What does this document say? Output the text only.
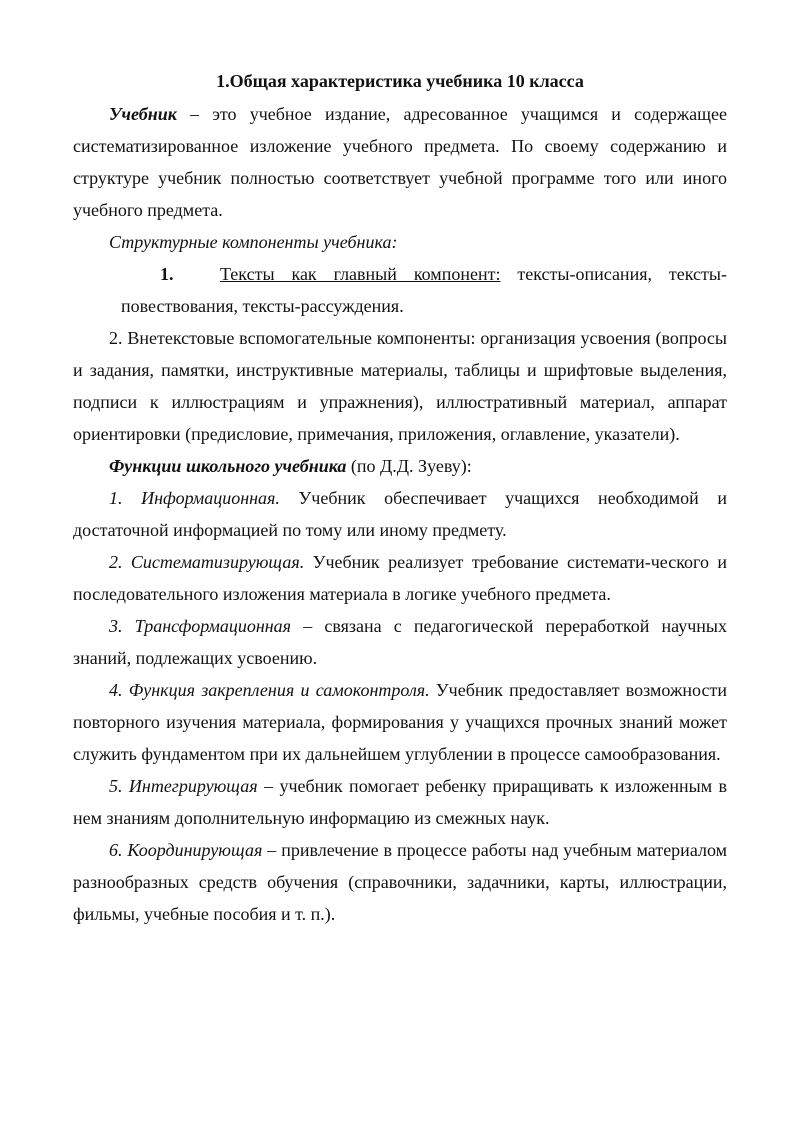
1.Общая характеристика учебника 10 класса

Учебник – это учебное издание, адресованное учащимся и содержащее систематизированное изложение учебного предмета. По своему содержанию и структуре учебник полностью соответствует учебной программе того или иного учебного предмета.

Структурные компоненты учебника:

1.	Тексты как главный компонент: тексты-описания, тексты-
повествования, тексты-рассуждения.

2. Внетекстовые вспомогательные компоненты: организация усвоения (вопросы и задания, памятки, инструктивные материалы, таблицы и шрифтовые выделения, подписи к иллюстрациям и упражнения), иллюстративный материал, аппарат ориентировки (предисловие, примечания, приложения, оглавление, указатели).

Функции школьного учебника (по Д.Д. Зуеву):

1. Информационная. Учебник обеспечивает учащихся необходимой и достаточной информацией по тому или иному предмету.

2. Систематизирующая. Учебник реализует требование системати-ческого и последовательного изложения материала в логике учебного предмета.

3. Трансформационная – связана с педагогической переработкой научных знаний, подлежащих усвоению.

4. Функция закрепления и самоконтроля. Учебник предоставляет возможности повторного изучения материала, формирования у учащихся прочных знаний может служить фундаментом при их дальнейшем углублении в процессе самообразования.

5. Интегрирующая – учебник помогает ребенку приращивать к изложенным в нем знаниям дополнительную информацию из смежных наук.

6. Координирующая – привлечение в процессе работы над учебным материалом разнообразных средств обучения (справочники, задачники, карты, иллюстрации, фильмы, учебные пособия и т. п.).
